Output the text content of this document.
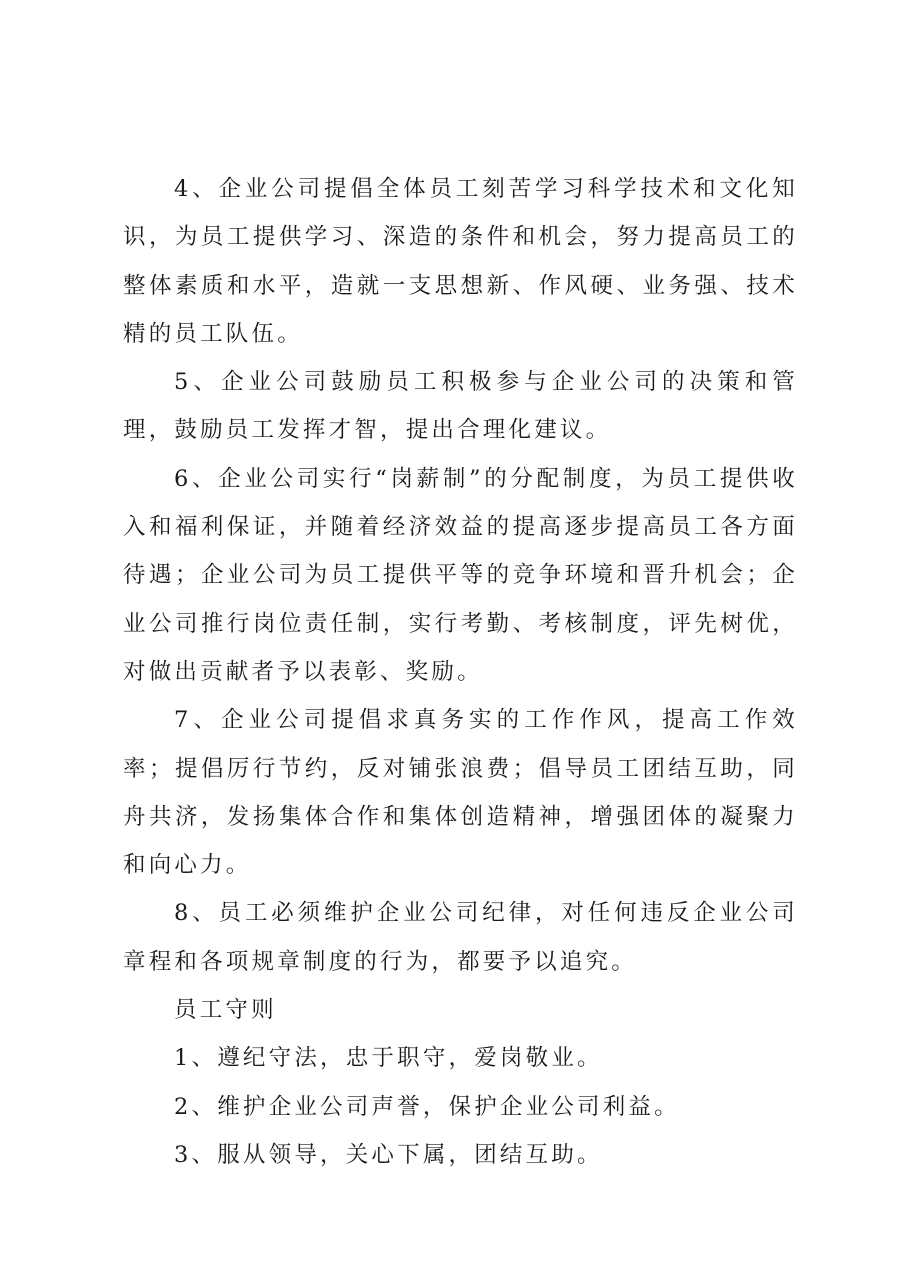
4、企业公司提倡全体员工刻苦学习科学技术和文化知识，为员工提供学习、深造的条件和机会，努力提高员工的整体素质和水平，造就一支思想新、作风硬、业务强、技术精的员工队伍。

5、企业公司鼓励员工积极参与企业公司的决策和管理，鼓励员工发挥才智，提出合理化建议。

6、企业公司实行“岗薪制”的分配制度，为员工提供收入和福利保证，并随着经济效益的提高逐步提高员工各方面待遇；企业公司为员工提供平等的竞争环境和晋升机会；企业公司推行岗位责任制，实行考勤、考核制度，评先树优，对做出贡献者予以表彰、奖励。

7、企业公司提倡求真务实的工作作风，提高工作效率；提倡厉行节约，反对铺张浪费；倡导员工团结互助，同舟共济，发扬集体合作和集体创造精神，增强团体的凝聚力和向心力。

8、员工必须维护企业公司纪律，对任何违反企业公司章程和各项规章制度的行为，都要予以追究。

员工守则

1、遵纪守法，忠于职守，爱岗敬业。

2、维护企业公司声誉，保护企业公司利益。

3、服从领导，关心下属，团结互助。
